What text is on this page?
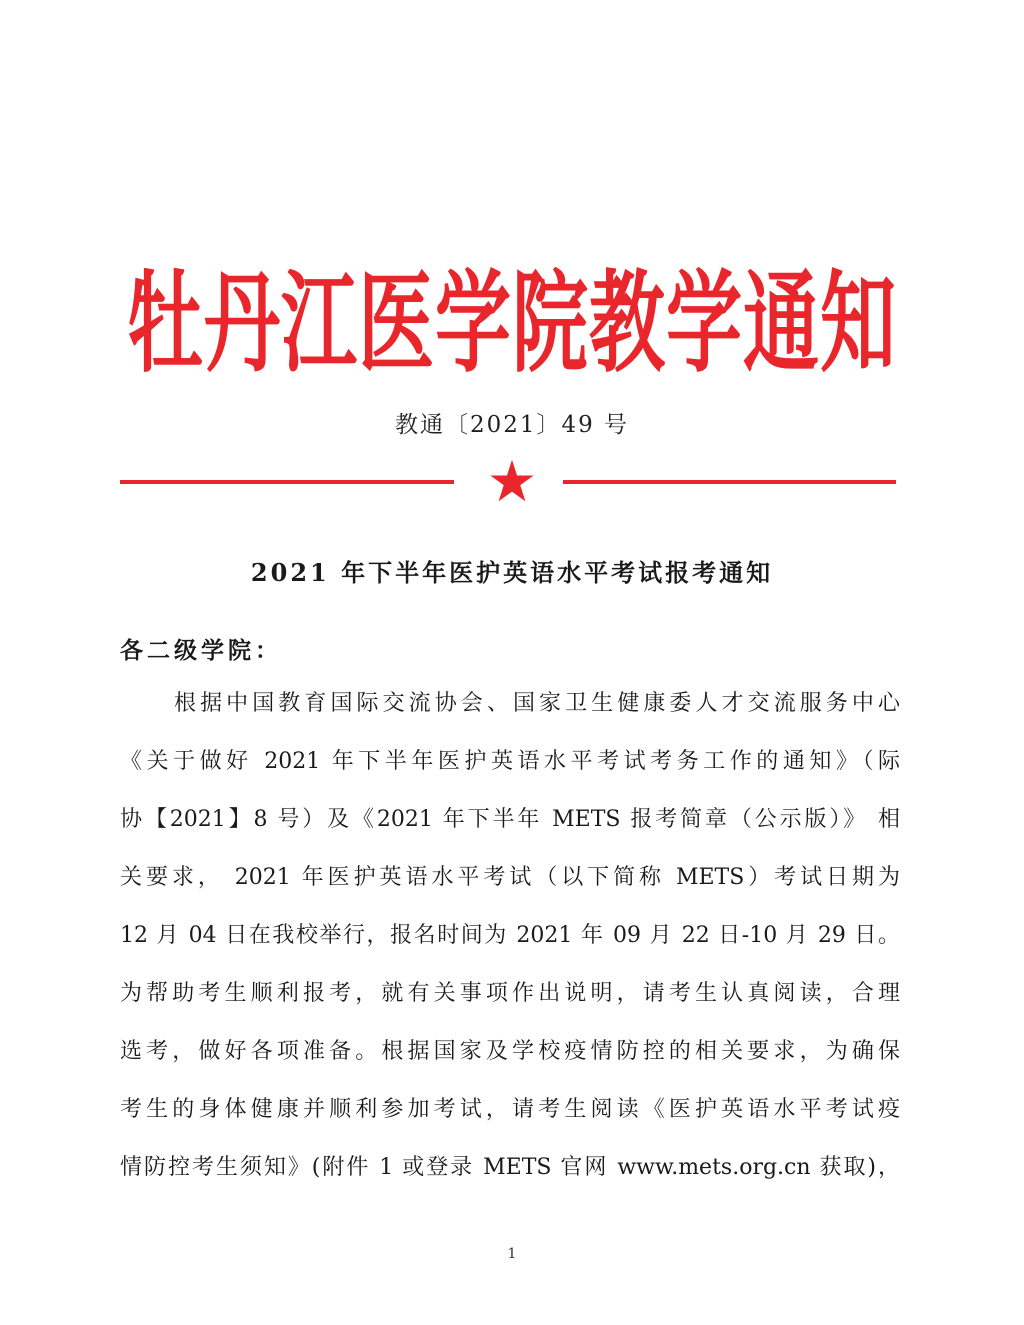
牡丹江医学院教学通知
教通〔2021〕49 号
2021 年下半年医护英语水平考试报考通知
各二级学院：
根据中国教育国际交流协会、国家卫生健康委人才交流服务中心
《关于做好 2021 年下半年医护英语水平考试考务工作的通知》（际
协【2021】8 号）及《2021 年下半年 METS 报考简章（公示版）》 相
关要求， 2021 年医护英语水平考试（以下简称 METS）考试日期为
12 月 04 日在我校举行，报名时间为 2021 年 09 月 22 日-10 月 29 日。
为帮助考生顺利报考，就有关事项作出说明，请考生认真阅读，合理
选考，做好各项准备。根据国家及学校疫情防控的相关要求，为确保
考生的身体健康并顺利参加考试，请考生阅读《医护英语水平考试疫
情防控考生须知》(附件 1 或登录 METS 官网 www.mets.org.cn 获取)，
1
